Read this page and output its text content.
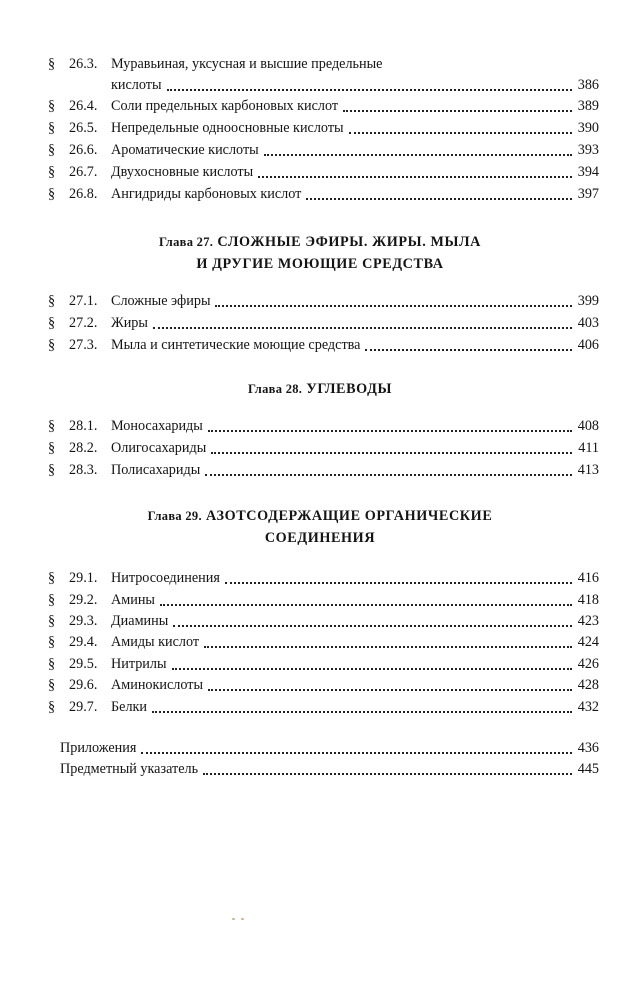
§ 26.3. Муравьиная, уксусная и высшие предельные
кислоты	386
§ 26.4. Соли предельных карбоновых кислот	389
§ 26.5. Непредельные одноосновные кислоты	390
§ 26.6. Ароматические кислоты	393
§ 26.7. Двухосновные кислоты	394
§ 26.8. Ангидриды карбоновых кислот	397
Глава 27. СЛОЖНЫЕ ЭФИРЫ. ЖИРЫ. МЫЛА
И ДРУГИЕ МОЮЩИЕ СРЕДСТВА
§ 27.1. Сложные эфиры	399
§ 27.2. Жиры	403
§ 27.3. Мыла и синтетические моющие средства	406
Глава 28. УГЛЕВОДЫ
§ 28.1. Моносахариды	408
§ 28.2. Олигосахариды	411
§ 28.3. Полисахариды	413
Глава 29. АЗОТСОДЕРЖАЩИЕ ОРГАНИЧЕСКИЕ
СОЕДИНЕНИЯ
§ 29.1. Нитросоединения	416
§ 29.2. Амины	418
§ 29.3. Диамины	423
§ 29.4. Амиды кислот	424
§ 29.5. Нитрилы	426
§ 29.6. Аминокислоты	428
§ 29.7. Белки	432
Приложения	436
Предметный указатель	445
